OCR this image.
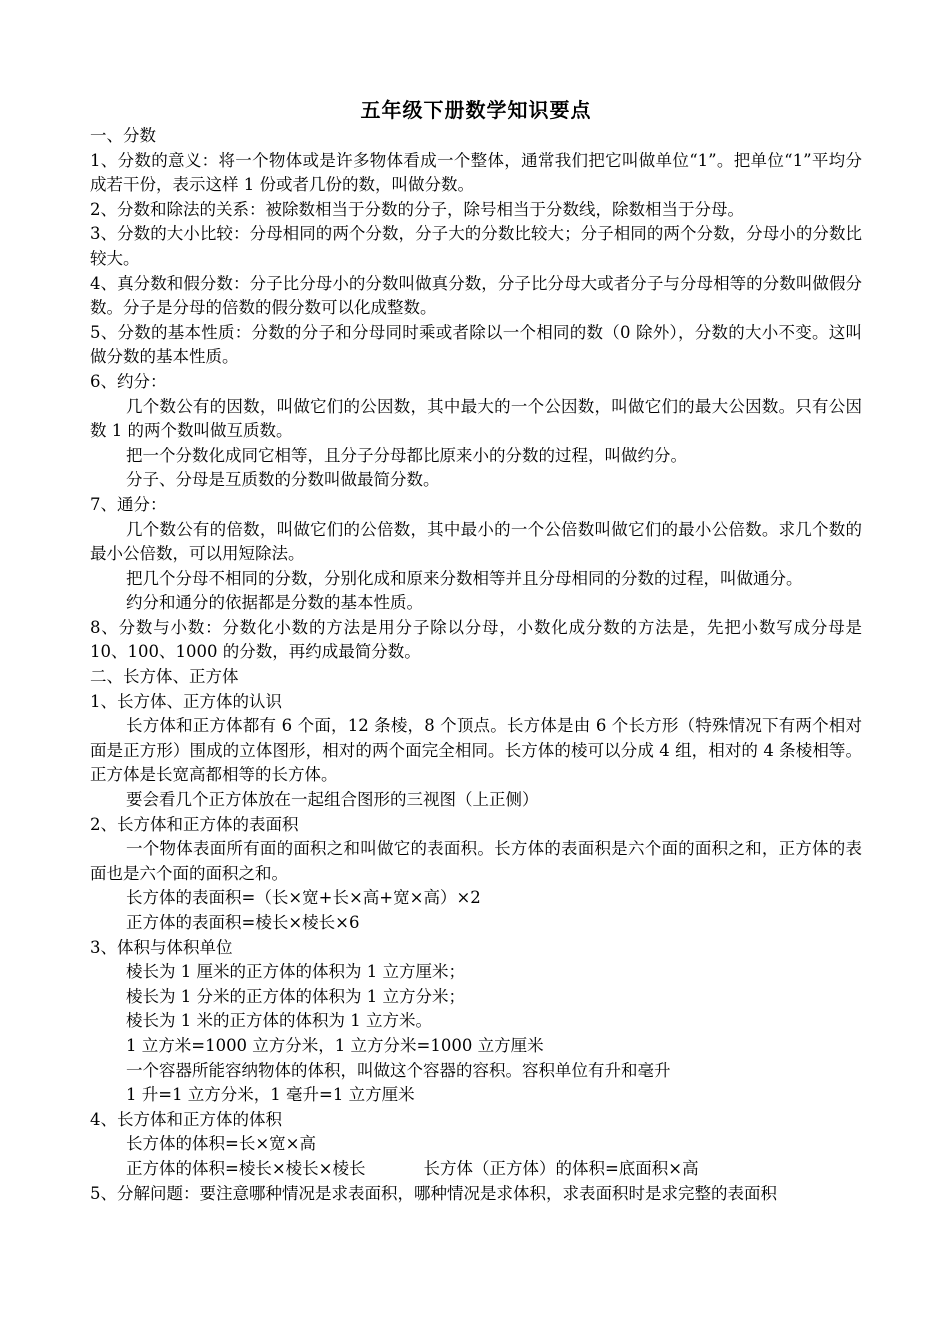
五年级下册数学知识要点

一、分数

1、分数的意义：将一个物体或是许多物体看成一个整体，通常我们把它叫做单位“1”。把单位“1”平均分成若干份，表示这样 1 份或者几份的数，叫做分数。

2、分数和除法的关系：被除数相当于分数的分子，除号相当于分数线，除数相当于分母。

3、分数的大小比较：分母相同的两个分数，分子大的分数比较大；分子相同的两个分数，分母小的分数比较大。

4、真分数和假分数：分子比分母小的分数叫做真分数，分子比分母大或者分子与分母相等的分数叫做假分数。分子是分母的倍数的假分数可以化成整数。

5、分数的基本性质：分数的分子和分母同时乘或者除以一个相同的数（0 除外），分数的大小不变。这叫做分数的基本性质。

6、约分：

几个数公有的因数，叫做它们的公因数，其中最大的一个公因数，叫做它们的最大公因数。只有公因数 1 的两个数叫做互质数。

把一个分数化成同它相等，且分子分母都比原来小的分数的过程，叫做约分。

分子、分母是互质数的分数叫做最简分数。

7、通分：

几个数公有的倍数，叫做它们的公倍数，其中最小的一个公倍数叫做它们的最小公倍数。求几个数的最小公倍数，可以用短除法。

把几个分母不相同的分数，分别化成和原来分数相等并且分母相同的分数的过程，叫做通分。

约分和通分的依据都是分数的基本性质。

8、分数与小数：分数化小数的方法是用分子除以分母，小数化成分数的方法是，先把小数写成分母是 10、100、1000 的分数，再约成最简分数。

二、长方体、正方体

1、长方体、正方体的认识

长方体和正方体都有 6 个面，12 条棱，8 个顶点。长方体是由 6 个长方形（特殊情况下有两个相对面是正方形）围成的立体图形，相对的两个面完全相同。长方体的棱可以分成 4 组，相对的 4 条棱相等。正方体是长宽高都相等的长方体。

要会看几个正方体放在一起组合图形的三视图（上正侧）

2、长方体和正方体的表面积

一个物体表面所有面的面积之和叫做它的表面积。长方体的表面积是六个面的面积之和，正方体的表面也是六个面的面积之和。

长方体的表面积=（长×宽+长×高+宽×高）×2

正方体的表面积=棱长×棱长×6

3、体积与体积单位

棱长为 1 厘米的正方体的体积为 1 立方厘米；

棱长为 1 分米的正方体的体积为 1 立方分米；

棱长为 1 米的正方体的体积为 1 立方米。

1 立方米=1000 立方分米，1 立方分米=1000 立方厘米

一个容器所能容纳物体的体积，叫做这个容器的容积。容积单位有升和毫升

1 升=1 立方分米，1 毫升=1 立方厘米

4、长方体和正方体的体积

长方体的体积=长×宽×高

正方体的体积=棱长×棱长×棱长	长方体（正方体）的体积=底面积×高

5、分解问题：要注意哪种情况是求表面积，哪种情况是求体积，求表面积时是求完整的表面积
